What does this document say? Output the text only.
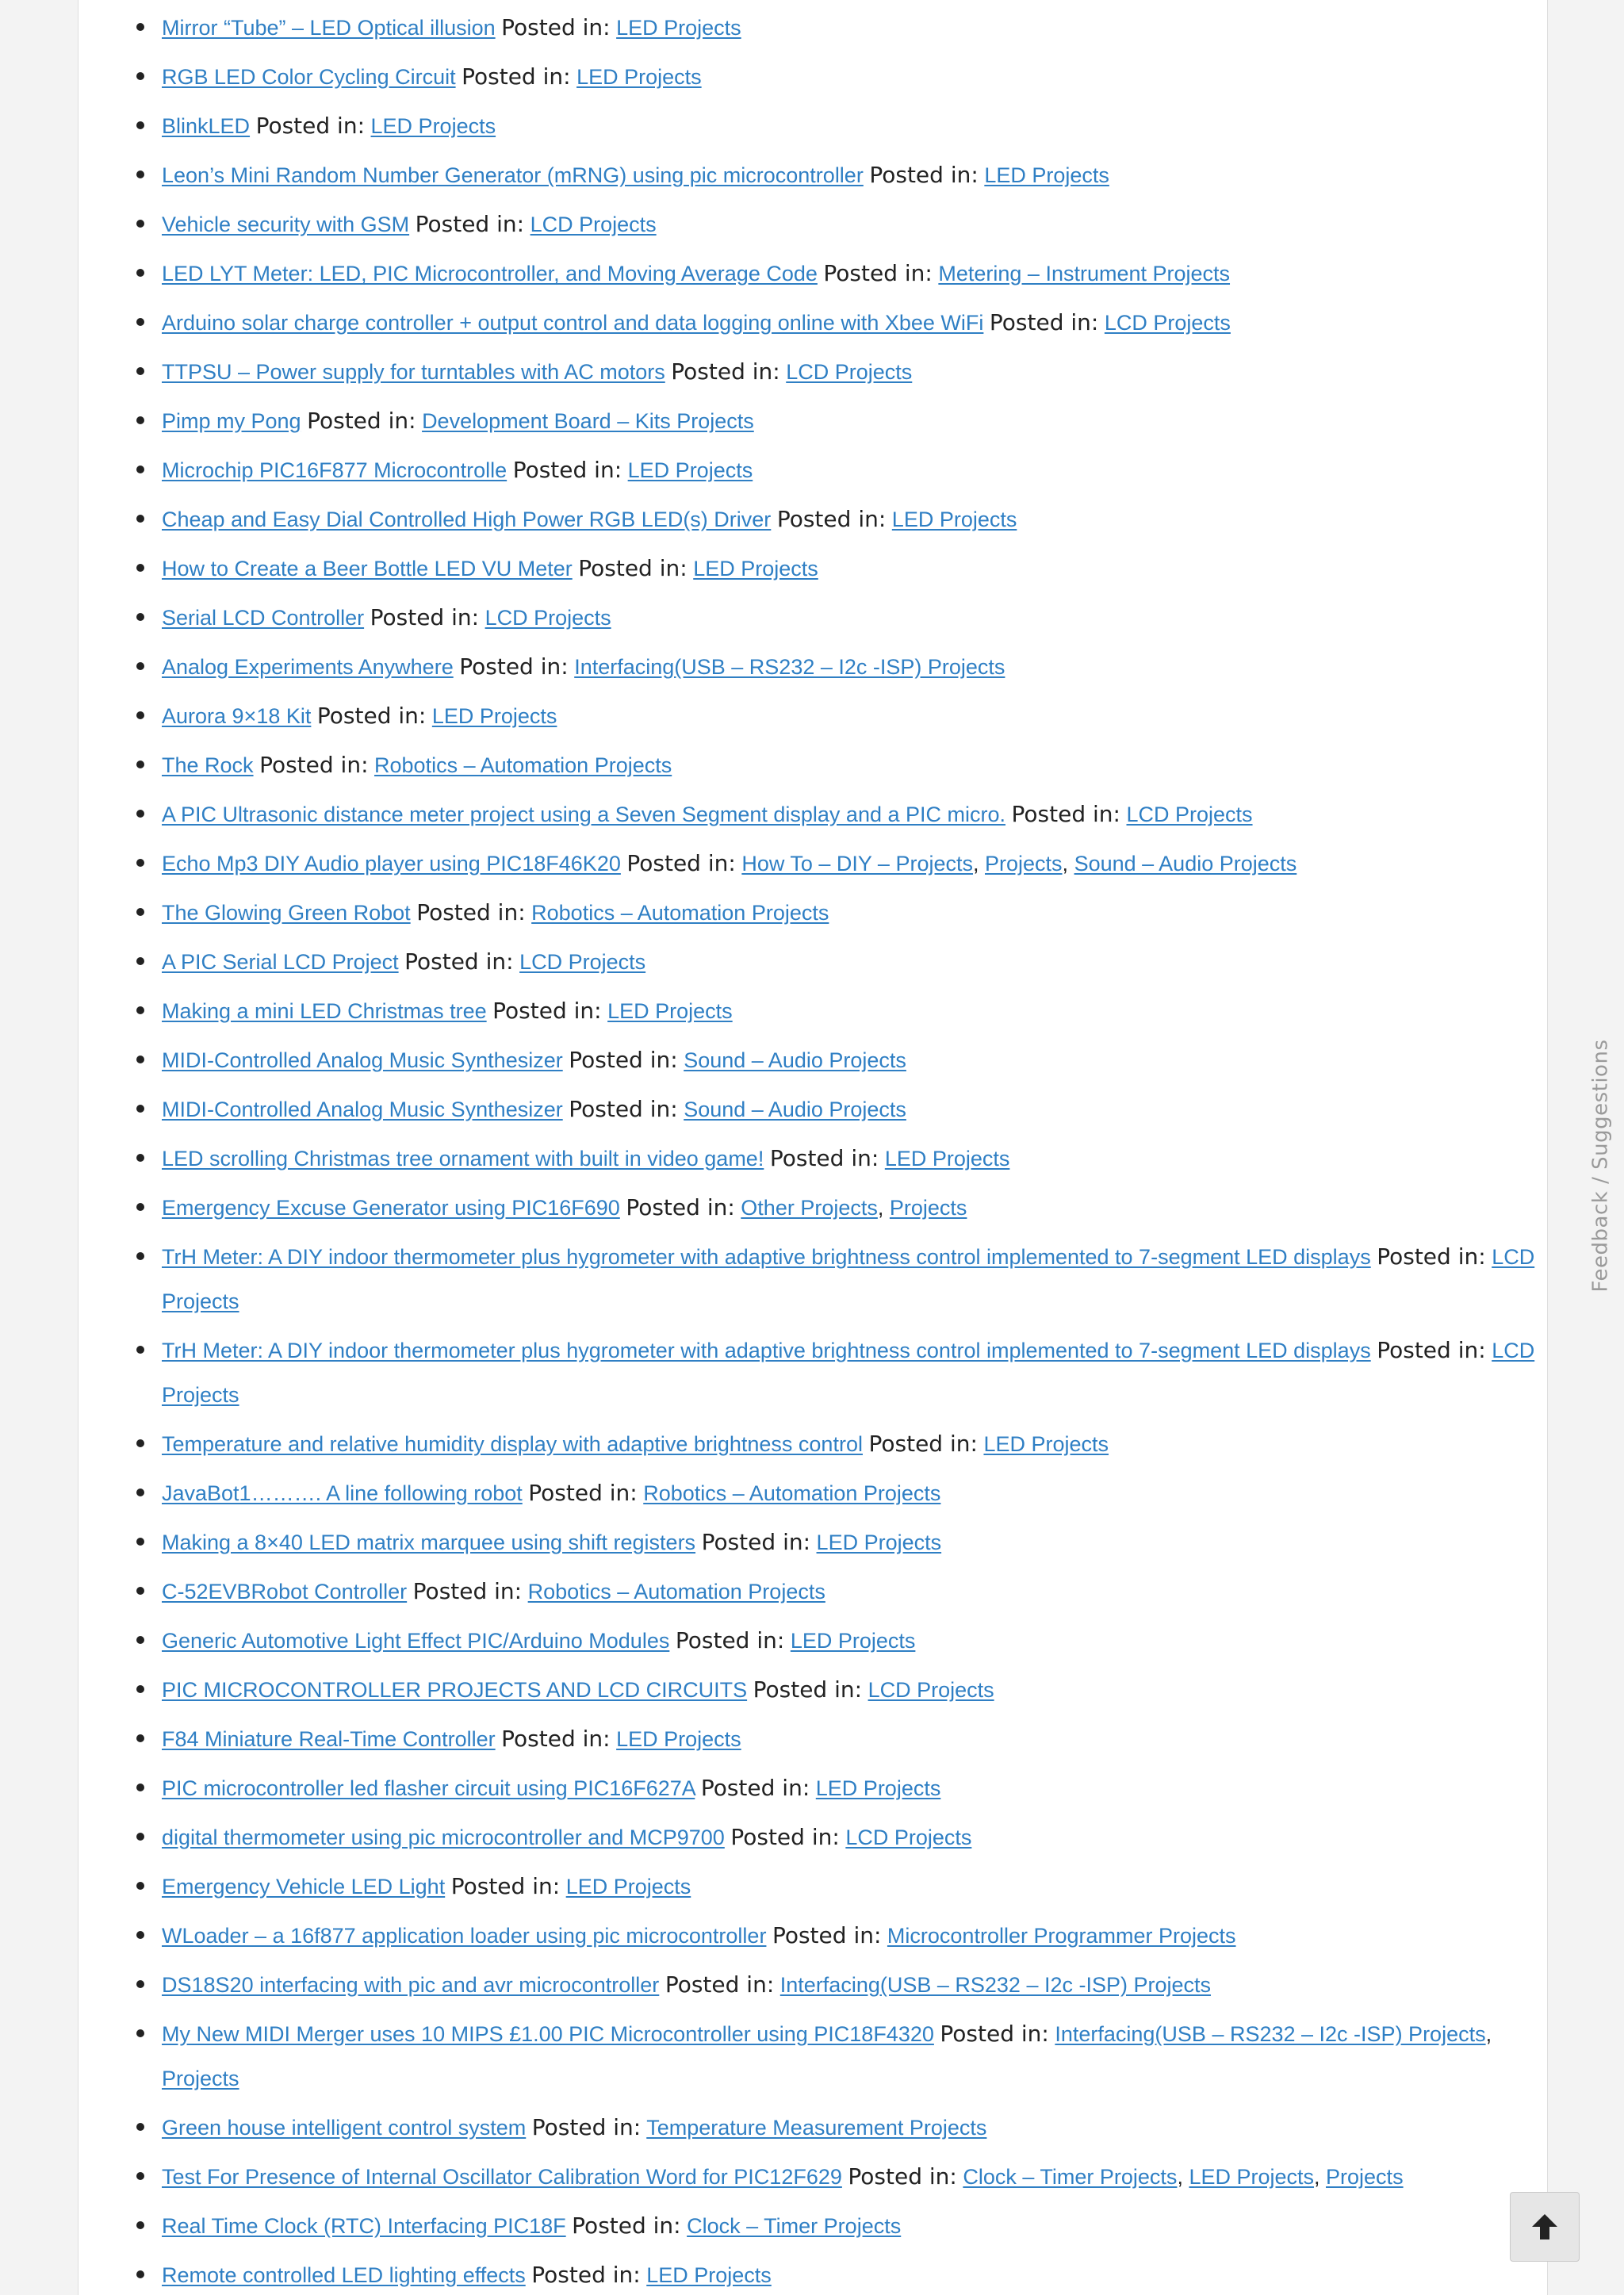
Mirror “Tube” – LED Optical illusion Posted in: LED Projects
RGB LED Color Cycling Circuit Posted in: LED Projects
BlinkLED Posted in: LED Projects
Leon’s Mini Random Number Generator (mRNG) using pic microcontroller Posted in: LED Projects
Vehicle security with GSM Posted in: LCD Projects
LED LYT Meter: LED, PIC Microcontroller, and Moving Average Code Posted in: Metering – Instrument Projects
Arduino solar charge controller + output control and data logging online with Xbee WiFi Posted in: LCD Projects
TTPSU – Power supply for turntables with AC motors Posted in: LCD Projects
Pimp my Pong Posted in: Development Board – Kits Projects
Microchip PIC16F877 Microcontrolle Posted in: LED Projects
Cheap and Easy Dial Controlled High Power RGB LED(s) Driver Posted in: LED Projects
How to Create a Beer Bottle LED VU Meter Posted in: LED Projects
Serial LCD Controller Posted in: LCD Projects
Analog Experiments Anywhere Posted in: Interfacing(USB – RS232 – I2c -ISP) Projects
Aurora 9×18 Kit Posted in: LED Projects
The Rock Posted in: Robotics – Automation Projects
A PIC Ultrasonic distance meter project using a Seven Segment display and a PIC micro. Posted in: LCD Projects
Echo Mp3 DIY Audio player using PIC18F46K20 Posted in: How To – DIY – Projects, Projects, Sound – Audio Projects
The Glowing Green Robot Posted in: Robotics – Automation Projects
A PIC Serial LCD Project Posted in: LCD Projects
Making a mini LED Christmas tree Posted in: LED Projects
MIDI-Controlled Analog Music Synthesizer Posted in: Sound – Audio Projects
MIDI-Controlled Analog Music Synthesizer Posted in: Sound – Audio Projects
LED scrolling Christmas tree ornament with built in video game! Posted in: LED Projects
Emergency Excuse Generator using PIC16F690 Posted in: Other Projects, Projects
TrH Meter: A DIY indoor thermometer plus hygrometer with adaptive brightness control implemented to 7-segment LED displays Posted in: LCD Projects
TrH Meter: A DIY indoor thermometer plus hygrometer with adaptive brightness control implemented to 7-segment LED displays Posted in: LCD Projects
Temperature and relative humidity display with adaptive brightness control Posted in: LED Projects
JavaBot1………. A line following robot Posted in: Robotics – Automation Projects
Making a 8×40 LED matrix marquee using shift registers Posted in: LED Projects
C-52EVBRobot Controller Posted in: Robotics – Automation Projects
Generic Automotive Light Effect PIC/Arduino Modules Posted in: LED Projects
PIC MICROCONTROLLER PROJECTS AND LCD CIRCUITS Posted in: LCD Projects
F84 Miniature Real-Time Controller Posted in: LED Projects
PIC microcontroller led flasher circuit using PIC16F627A Posted in: LED Projects
digital thermometer using pic microcontroller and MCP9700 Posted in: LCD Projects
Emergency Vehicle LED Light Posted in: LED Projects
WLoader – a 16f877 application loader using pic microcontroller Posted in: Microcontroller Programmer Projects
DS18S20 interfacing with pic and avr microcontroller Posted in: Interfacing(USB – RS232 – I2c -ISP) Projects
My New MIDI Merger uses 10 MIPS £1.00 PIC Microcontroller using PIC18F4320 Posted in: Interfacing(USB – RS232 – I2c -ISP) Projects, Projects
Green house intelligent control system Posted in: Temperature Measurement Projects
Test For Presence of Internal Oscillator Calibration Word for PIC12F629 Posted in: Clock – Timer Projects, LED Projects, Projects
Real Time Clock (RTC) Interfacing PIC18F Posted in: Clock – Timer Projects
Remote controlled LED lighting effects Posted in: LED Projects
Feedback / Suggestions
